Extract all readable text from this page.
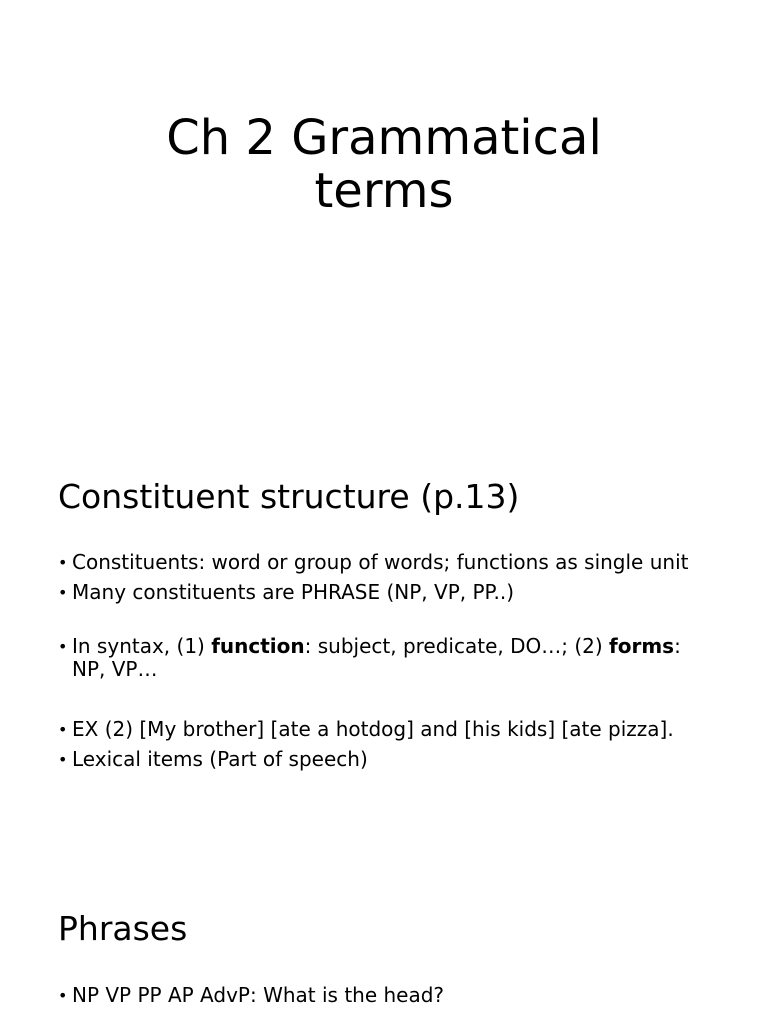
Ch 2 Grammatical
terms
Constituent structure (p.13)
• Constituents: word or group of words; functions as single unit
• Many constituents are PHRASE (NP, VP, PP..)
• In syntax, (1) function: subject, predicate, DO…; (2) forms: NP, VP…
• EX (2) [My brother] [ate a hotdog] and [his kids] [ate pizza].
• Lexical items (Part of speech)
Phrases
• NP VP PP AP AdvP: What is the head?
